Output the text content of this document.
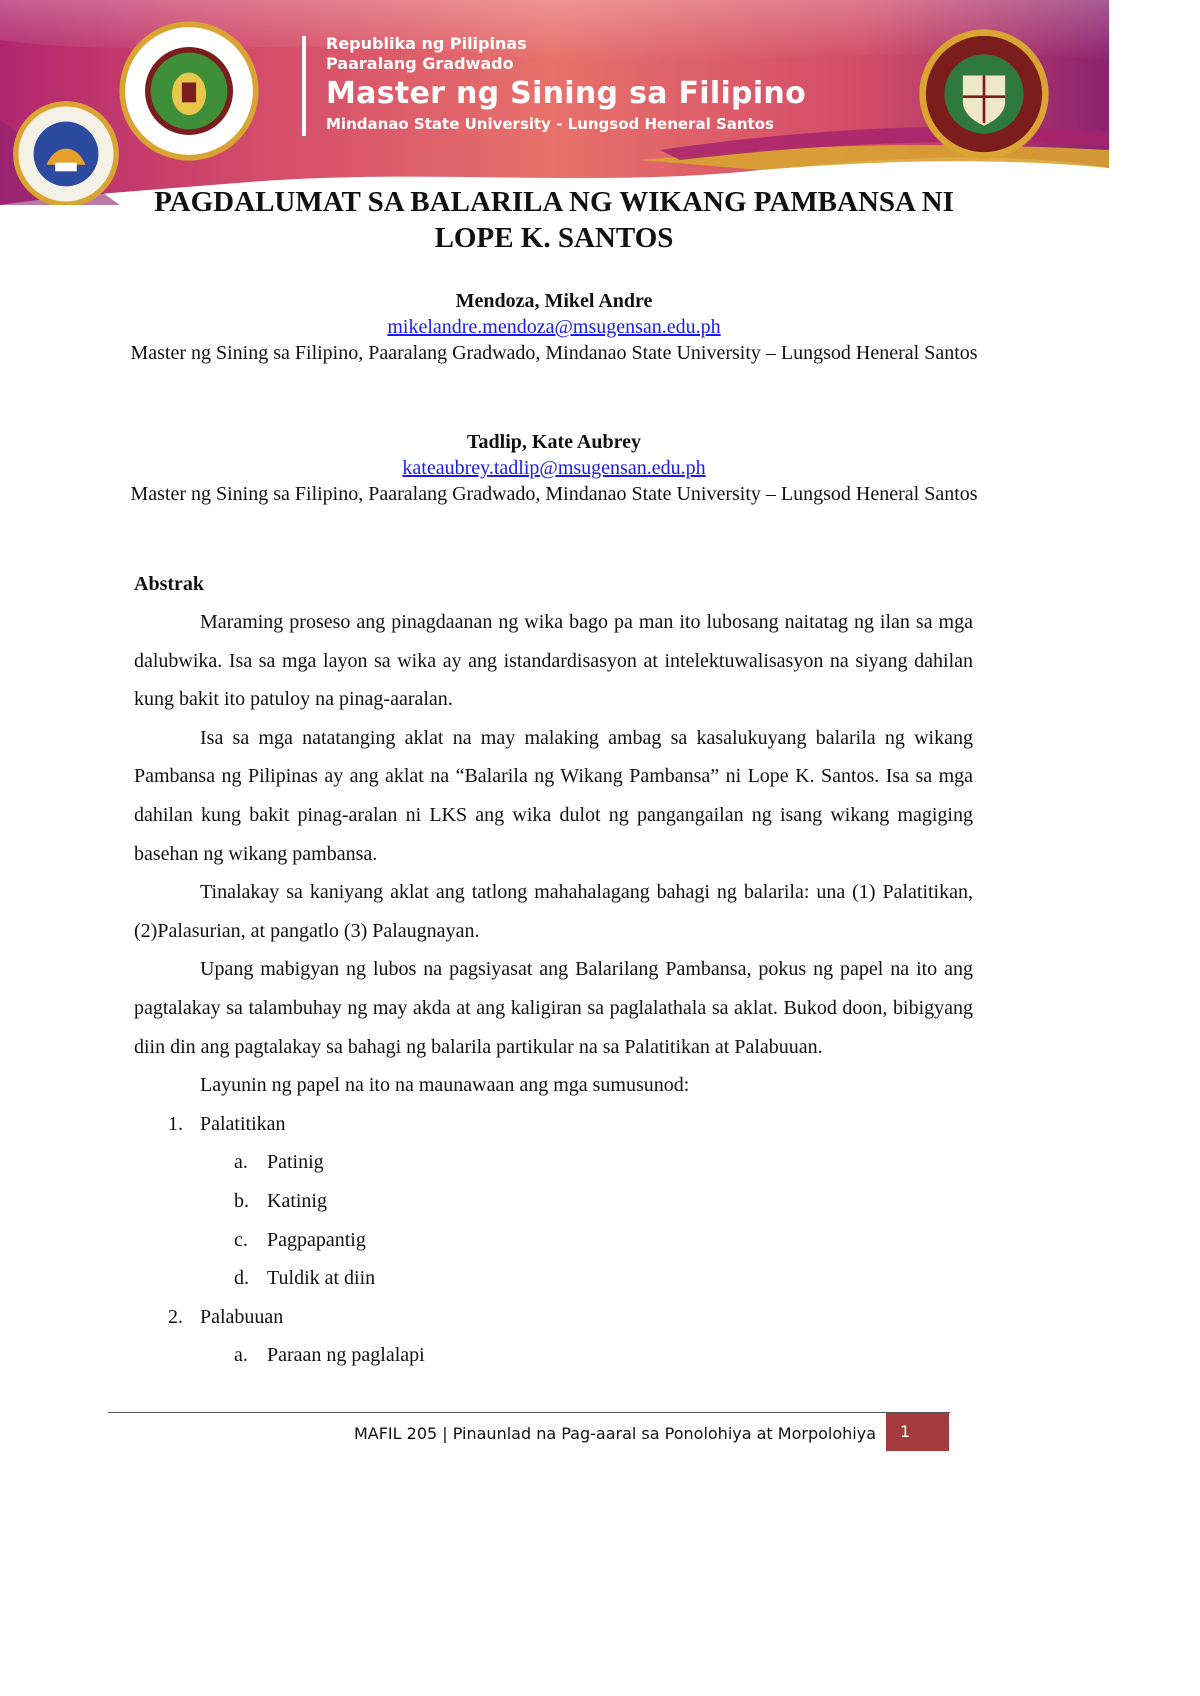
Republika ng Pilipinas
Paaralang Gradwado
Master ng Sining sa Filipino
Mindanao State University - Lungsod Heneral Santos
PAGDALUMAT SA BALARILA NG WIKANG PAMBANSA NI LOPE K. SANTOS
Mendoza, Mikel Andre
mikelandre.mendoza@msugensan.edu.ph
Master ng Sining sa Filipino, Paaralang Gradwado, Mindanao State University – Lungsod Heneral Santos
Tadlip, Kate Aubrey
kateaubrey.tadlip@msugensan.edu.ph
Master ng Sining sa Filipino, Paaralang Gradwado, Mindanao State University – Lungsod Heneral Santos
Abstrak

Maraming proseso ang pinagdaanan ng wika bago pa man ito lubosang naitatag ng ilan sa mga dalubwika. Isa sa mga layon sa wika ay ang istandardisasyon at intelektuwalisasyon na siyang dahilan kung bakit ito patuloy na pinag-aaralan.

Isa sa mga natatanging aklat na may malaking ambag sa kasalukuyang balarila ng wikang Pambansa ng Pilipinas ay ang aklat na “Balarila ng Wikang Pambansa” ni Lope K. Santos. Isa sa mga dahilan kung bakit pinag-aralan ni LKS ang wika dulot ng pangangailan ng isang wikang magiging basehan ng wikang pambansa.

Tinalakay sa kaniyang aklat ang tatlong mahahalagang bahagi ng balarila: una (1) Palatitikan, (2)Palasurian, at pangatlo (3) Palaugnayan.

Upang mabigyan ng lubos na pagsiyasat ang Balarilang Pambansa, pokus ng papel na ito ang pagtalakay sa talambuhay ng may akda at ang kaligiran sa paglalathala sa aklat. Bukod doon, bibigyang diin din ang pagtalakay sa bahagi ng balarila partikular na sa Palatitikan at Palabuuan.

Layunin ng papel na ito na maunawaan ang mga sumusunod:

1. Palatitikan
a. Patinig
b. Katinig
c. Pagpapantig
d. Tuldik at diin
2. Palabuuan
a. Paraan ng paglalapi
MAFIL 205 | Pinaunlad na Pag-aaral sa Ponolohiya at Morpolohiya	1
